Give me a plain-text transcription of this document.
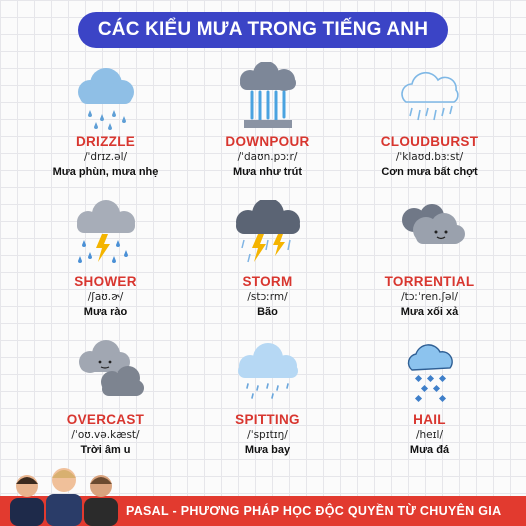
CÁC KIỂU MƯA TRONG TIẾNG ANH
DRIZZLE
/ˈdrɪz.əl/
Mưa phùn, mưa nhẹ
DOWNPOUR
/ˈdaʊn.pɔːr/
Mưa như trút
CLOUDBURST
/ˈklaʊd.bɜːst/
Cơn mưa bất chợt
SHOWER
/ʃaʊ.ɚ/
Mưa rào
STORM
/stɔːrm/
Bão
TORRENTIAL
/tɔːˈren.ʃəl/
Mưa xối xả
OVERCAST
/ˈoʊ.və.kæst/
Trời âm u
SPITTING
/ˈspɪtɪŋ/
Mưa bay
HAIL
/heɪl/
Mưa đá
PASAL - PHƯƠNG PHÁP HỌC ĐỘC QUYỀN TỪ CHUYÊN GIA
